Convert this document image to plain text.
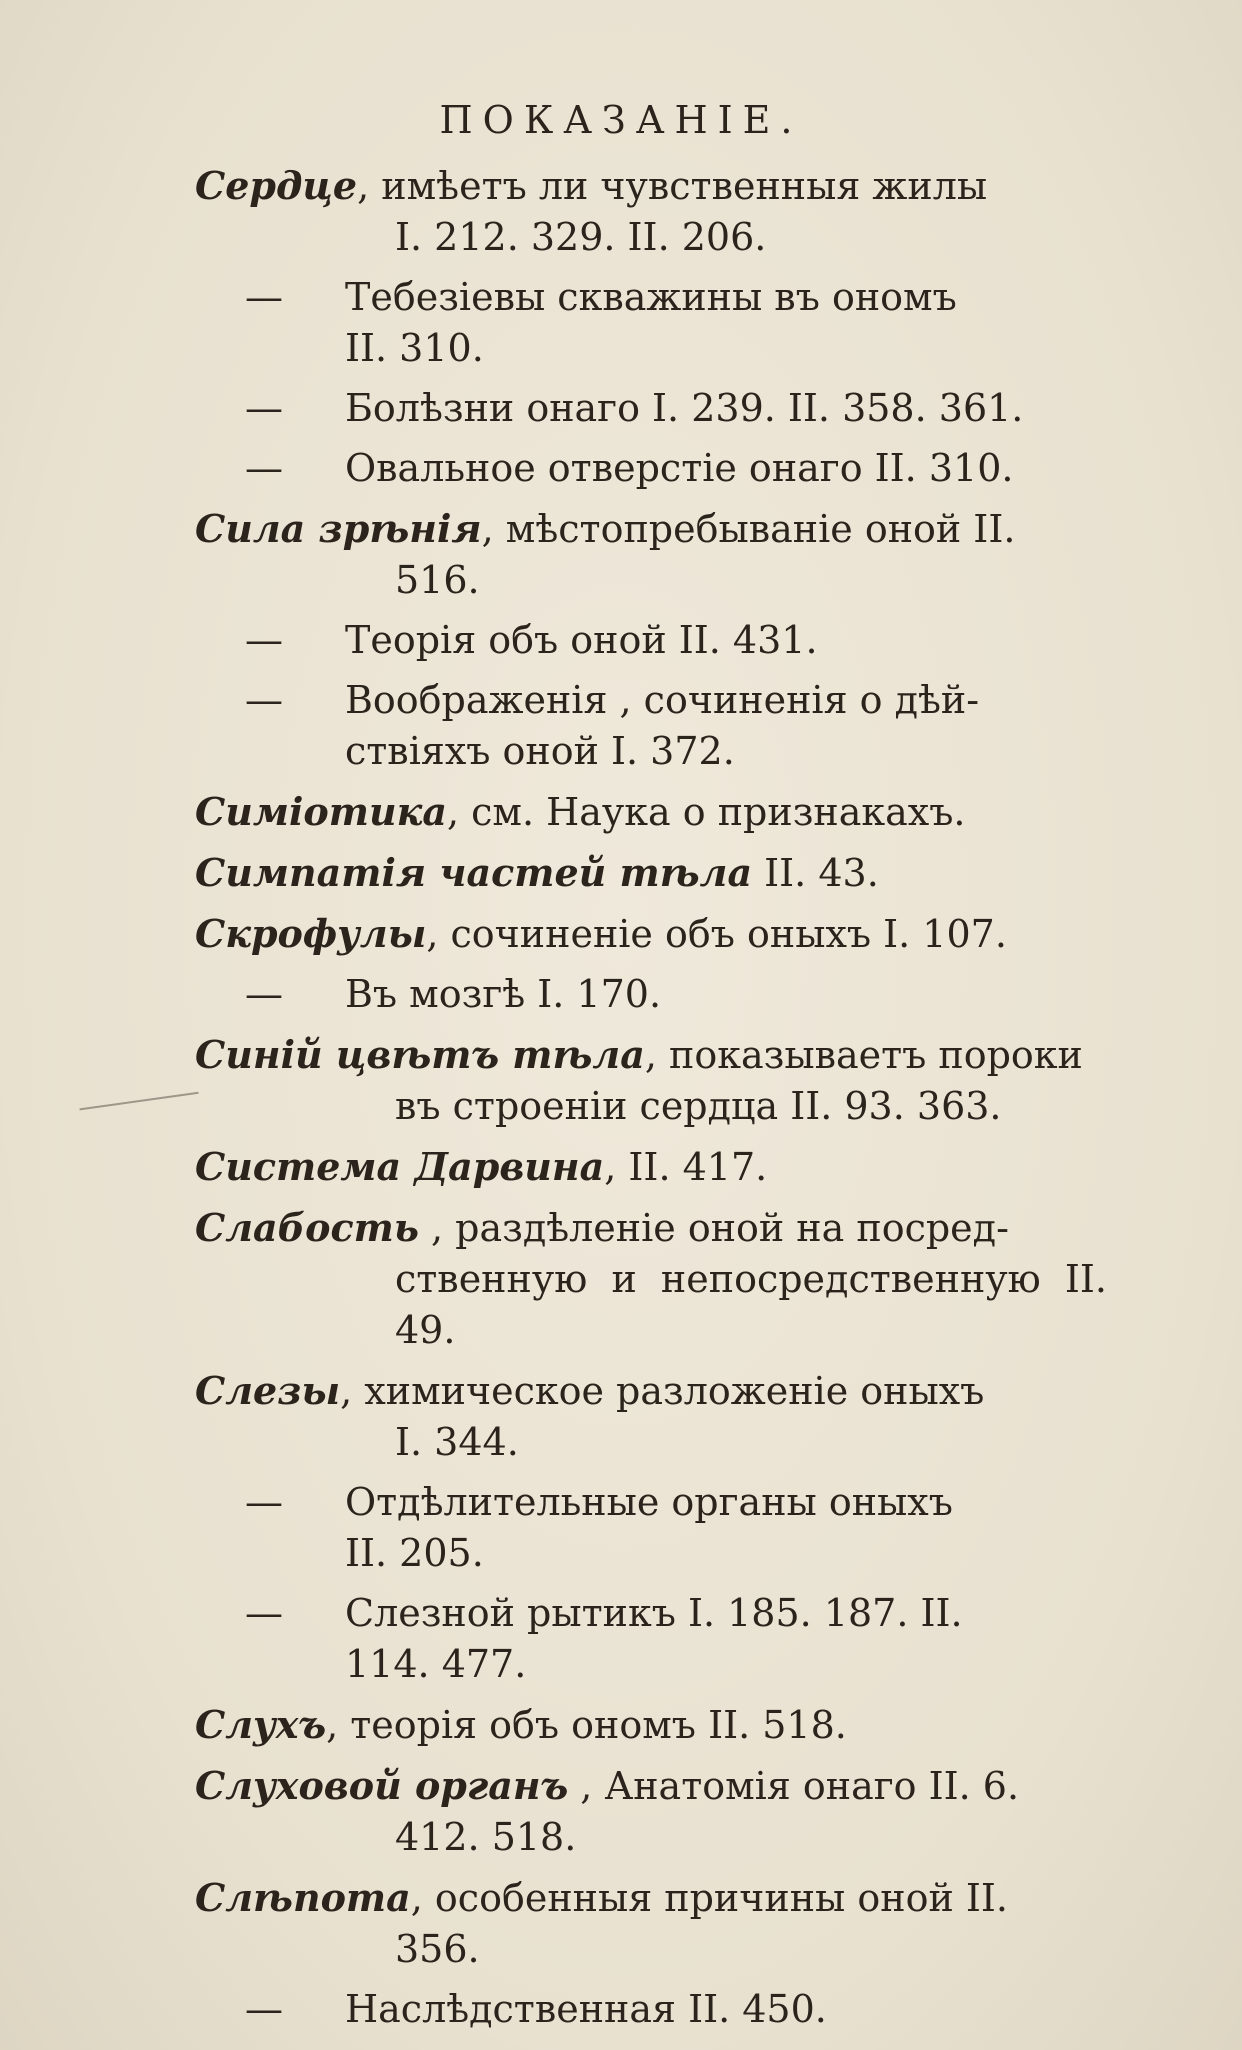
ПОКАЗАНІЕ.
Сердце, имѣетъ ли чувственныя жилы
I. 212. 329. II. 206.
— Тебезіевы скважины въ ономъ
II. 310.
— Болѣзни онаго I. 239. II. 358. 361.
— Овальное отверстіе онаго II. 310.
Сила зрѣнія, мѣстопребываніе оной II.
516.
— Теорія объ оной II. 431.
— Воображенія , сочиненія о дѣй-
ствіяхъ оной I. 372.
Симіотика, см. Наука о признакахъ.
Симпатія частей тѣла II. 43.
Скрофулы, сочиненіе объ оныхъ I. 107.
— Въ мозгѣ I. 170.
Синій цвѣтъ тѣла, показываетъ пороки
въ строеніи сердца II. 93. 363.
Система Дарвина, II. 417.
Слабость , раздѣленіе оной на посред-
ственную и непосредственную II. 49.
Слезы, химическое разложеніе оныхъ
I. 344.
— Отдѣлительные органы оныхъ
II. 205.
— Слезной рытикъ I. 185. 187. II.
114. 477.
Слухъ, теорія объ ономъ II. 518.
Слуховой органъ , Анатомія онаго II. 6.
412. 518.
Слѣпота, особенныя причины оной II.
356.
— Наслѣдственная II. 450.
